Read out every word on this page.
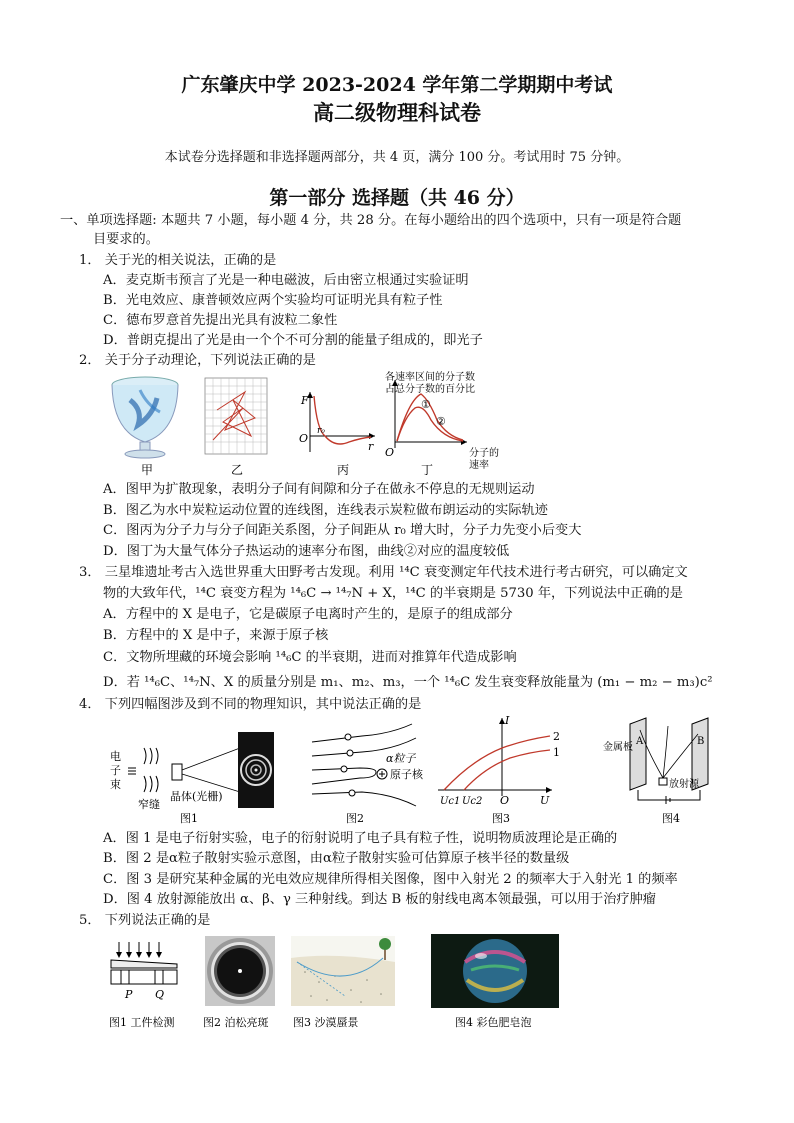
广东肇庆中学 2023-2024 学年第二学期期中考试
高二级物理科试卷
本试卷分选择题和非选择题两部分，共 4 页，满分 100 分。考试用时 75 分钟。
第一部分 选择题（共 46 分）
一、单项选择题: 本题共 7 小题，每小题 4 分，共 28 分。在每小题给出的四个选项中，只有一项是符合题
目要求的。
1． 关于光的相关说法，正确的是
A．麦克斯韦预言了光是一种电磁波，后由密立根通过实验证明
B．光电效应、康普顿效应两个实验均可证明光具有粒子性
C．德布罗意首先提出光具有波粒二象性
D．普朗克提出了光是由一个个不可分割的能量子组成的，即光子
2． 关于分子动理论，下列说法正确的是
甲	乙
F
O
r₀
r
丙
各速率区间的分子数
占总分子数的百分比
①
②
O	分子的
速率
丁
A．图甲为扩散现象，表明分子间有间隙和分子在做永不停息的无规则运动
B．图乙为水中炭粒运动位置的连线图，连线表示炭粒做布朗运动的实际轨迹
C．图丙为分子力与分子间距关系图，分子间距从 r₀ 增大时，分子力先变小后变大
D．图丁为大量气体分子热运动的速率分布图，曲线②对应的温度较低
3． 三星堆遗址考古入选世界重大田野考古发现。利用 ¹⁴C 衰变测定年代技术进行考古研究，可以确定文
物的大致年代，¹⁴C 衰变方程为 ¹⁴₆C → ¹⁴₇N + X，¹⁴C 的半衰期是 5730 年，下列说法中正确的是
A．方程中的 X 是电子，它是碳原子电离时产生的，是原子的组成部分
B．方程中的 X 是中子，来源于原子核
C．文物所埋藏的环境会影响 ¹⁴₆C 的半衰期，进而对推算年代造成影响
D．若 ¹⁴₆C、¹⁴₇N、X 的质量分别是 m₁、m₂、m₃，一个 ¹⁴₆C 发生衰变释放能量为 (m₁ − m₂ − m₃)c²
4． 下列四幅图涉及到不同的物理知识，其中说法正确的是
电
子
束
窄缝
晶体(光栅)
图1
α粒子
原子核
图2
I
2
1
Uc1 Uc2 O	U
图3
金属板
A	B
放射源
图4
A．图 1 是电子衍射实验，电子的衍射说明了电子具有粒子性，说明物质波理论是正确的
B．图 2 是α粒子散射实验示意图，由α粒子散射实验可估算原子核半径的数量级
C．图 3 是研究某种金属的光电效应规律所得相关图像，图中入射光 2 的频率大于入射光 1 的频率
D．图 4 放射源能放出 α、β、γ 三种射线。到达 B 板的射线电离本领最强，可以用于治疗肿瘤
5． 下列说法正确的是
P Q
图1 工件检测	图2 泊松亮斑 图3 沙漠蜃景	图4 彩色肥皂泡
